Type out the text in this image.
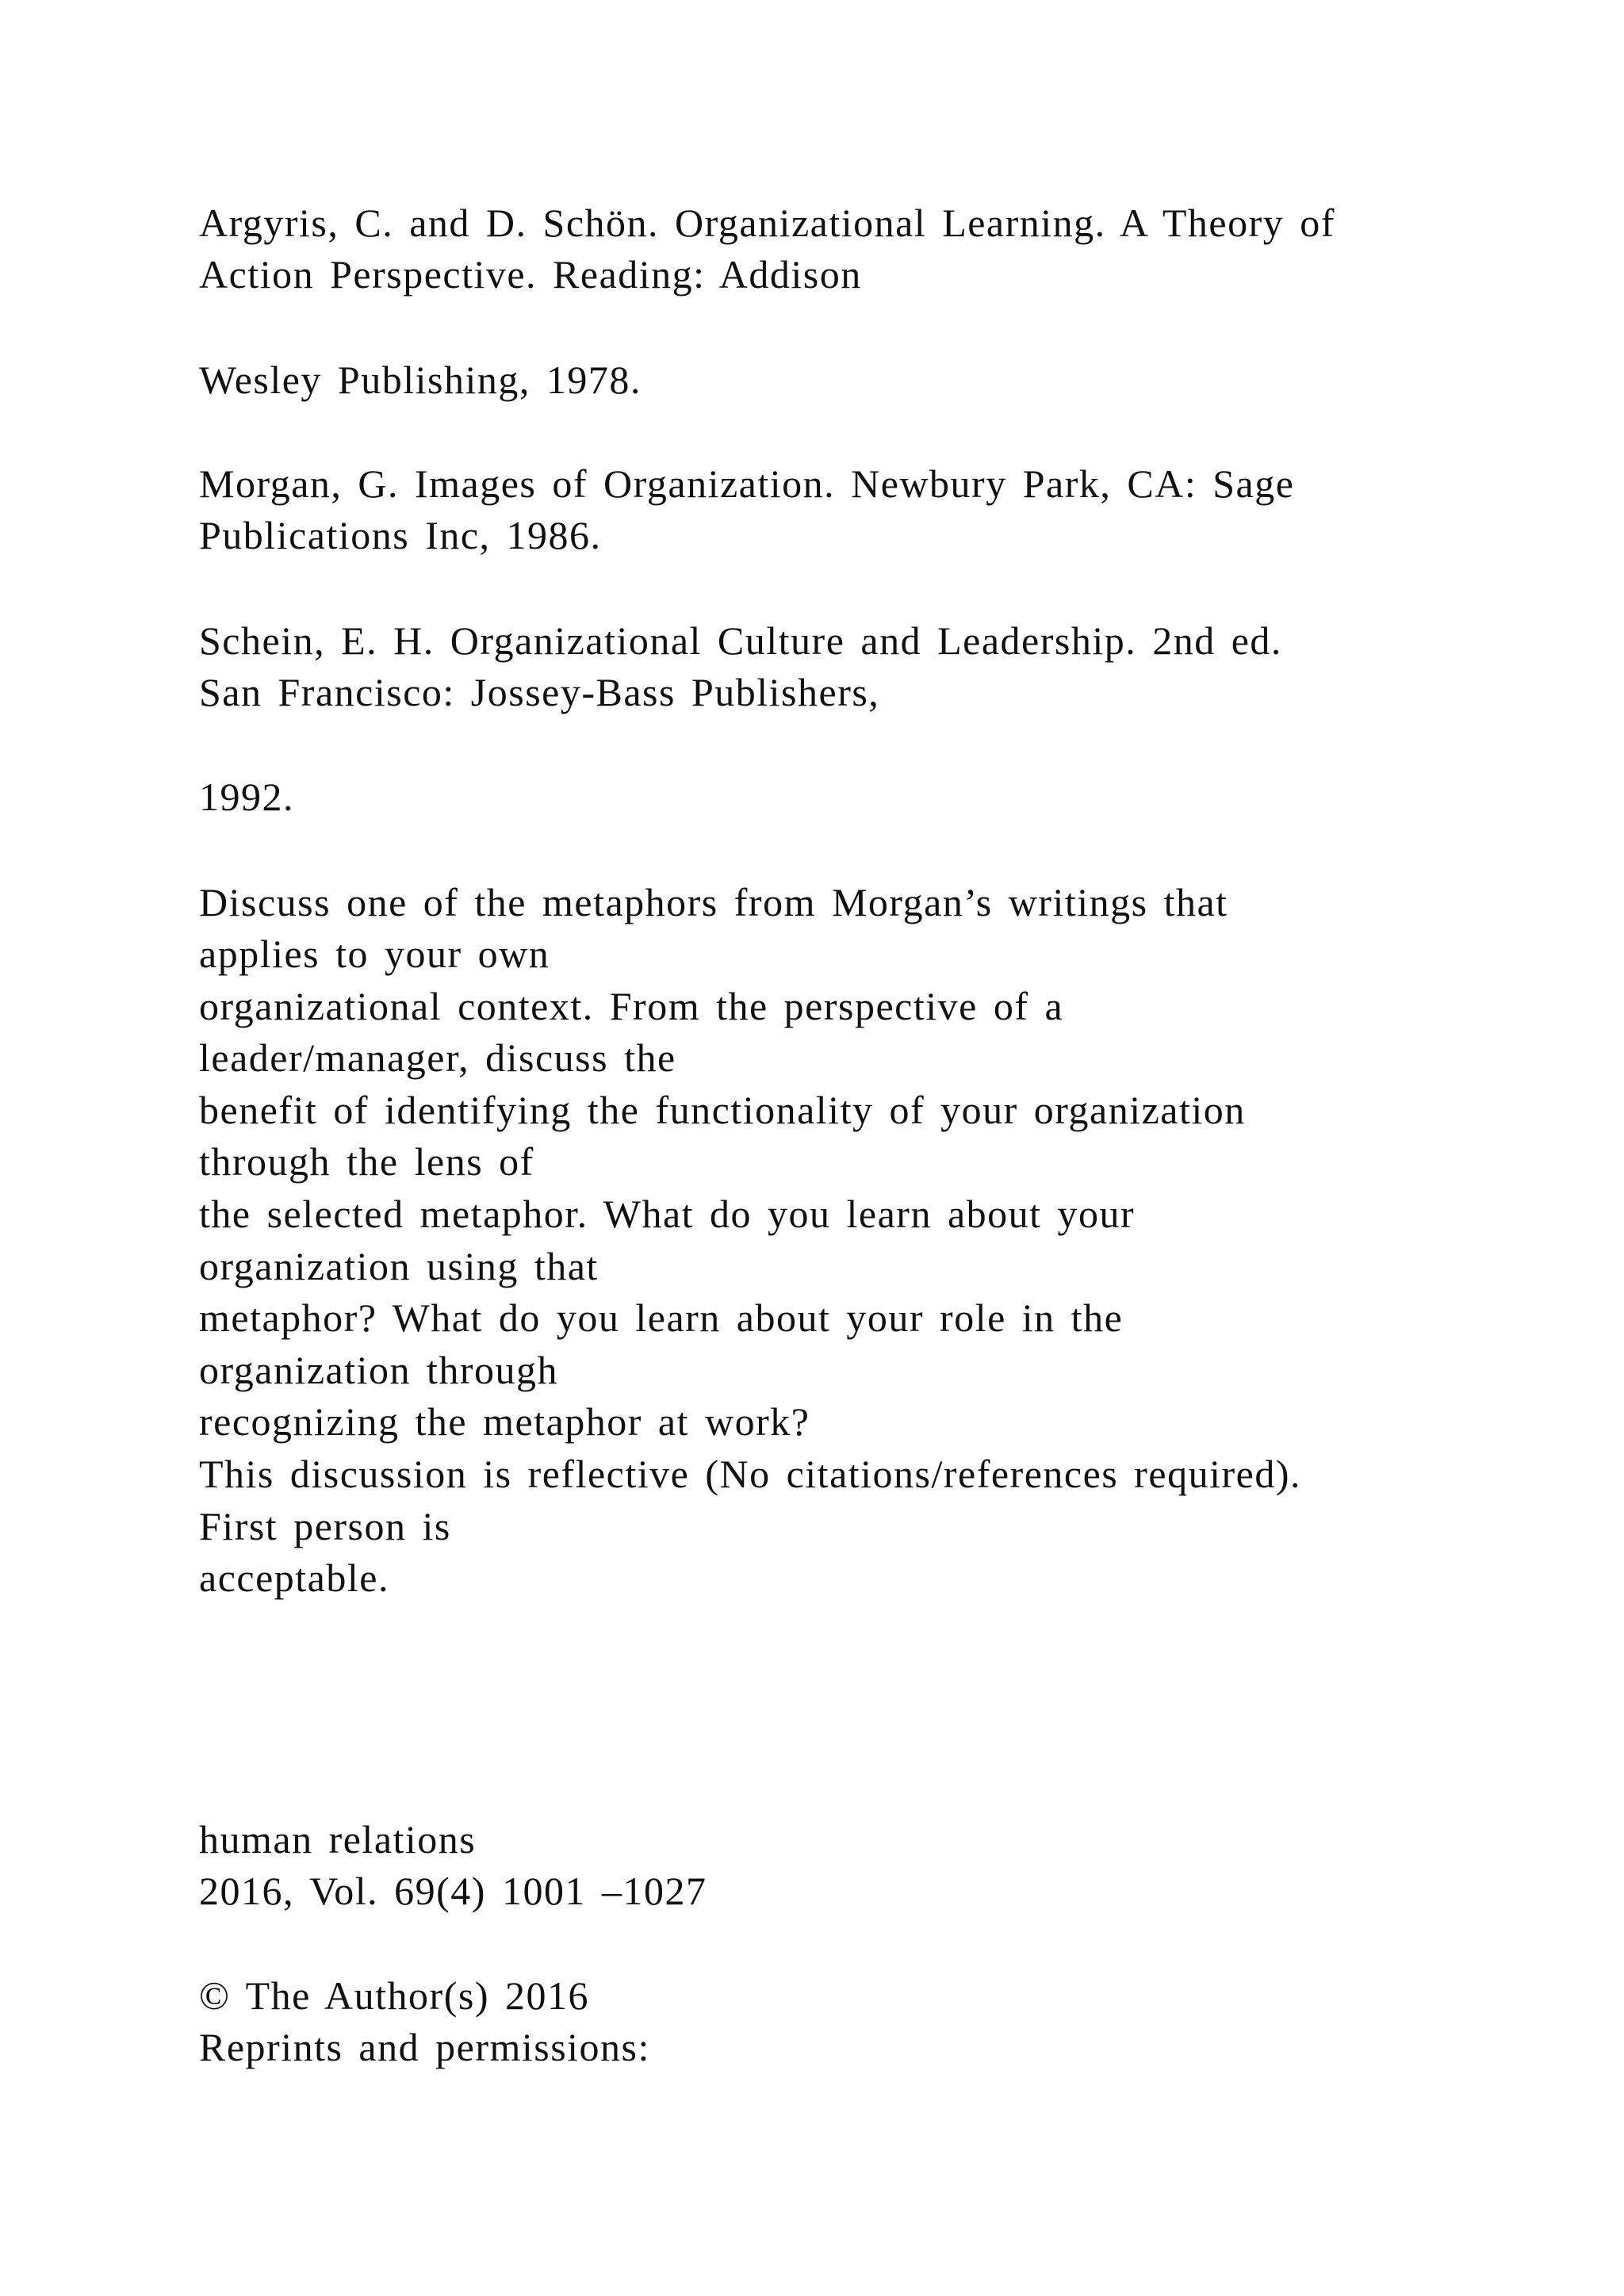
Argyris, C. and D. Schön. Organizational Learning. A Theory of

Action Perspective. Reading: Addison

Wesley Publishing, 1978.

Morgan, G. Images of Organization. Newbury Park, CA: Sage

Publications Inc, 1986.

Schein, E. H. Organizational Culture and Leadership. 2nd ed.

San Francisco: Jossey-Bass Publishers,

1992.

Discuss one of the metaphors from Morgan’s writings that

applies to your own

organizational context. From the perspective of a

leader/manager, discuss the

benefit of identifying the functionality of your organization

through the lens of

the selected metaphor. What do you learn about your

organization using that

metaphor? What do you learn about your role in the

organization through

recognizing the metaphor at work?

This discussion is reflective (No citations/references required).

First person is

acceptable.

human relations

2016, Vol. 69(4) 1001 –1027

© The Author(s) 2016

Reprints and permissions:
